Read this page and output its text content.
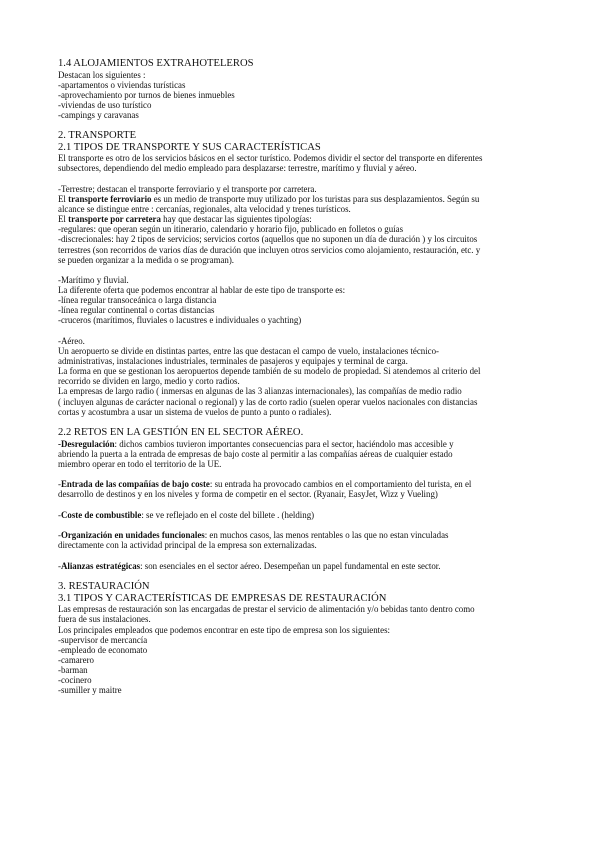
1.4 ALOJAMIENTOS EXTRAHOTELEROS
Destacan los siguientes :
-apartamentos o viviendas turísticas
-aprovechamiento por turnos de bienes inmuebles
-viviendas de uso turístico
-campings y caravanas
2. TRANSPORTE
2.1 TIPOS DE TRANSPORTE Y SUS CARACTERÍSTICAS
El transporte es otro de los servicios básicos en el sector turístico. Podemos dividir el sector del transporte en diferentes
subsectores, dependiendo del medio empleado para desplazarse: terrestre, marítimo y fluvial y aéreo.
-Terrestre; destacan el transporte ferroviario y el transporte por carretera.
El transporte ferroviario es un medio de transporte muy utilizado por los turistas para sus desplazamientos. Según su
alcance se distingue entre : cercanías, regionales, alta velocidad y trenes turísticos.
El transporte por carretera hay que destacar las siguientes tipologías:
-regulares: que operan según un itinerario, calendario y horario fijo, publicado en folletos o guías
-discrecionales: hay 2 tipos de servicios; servicios cortos (aquellos que no suponen un día de duración ) y los circuitos
terrestres (son recorridos de varios días de duración que incluyen otros servicios como alojamiento, restauración, etc. y
se pueden organizar a la medida o se programan).
-Marítimo y fluvial.
La diferente oferta que podemos encontrar al hablar de este tipo de transporte es:
-línea regular transoceánica o larga distancia
-línea regular continental o cortas distancias
-cruceros (marítimos, fluviales o lacustres e individuales o yachting)
-Aéreo.
Un aeropuerto se divide en distintas partes, entre las que destacan el campo de vuelo, instalaciones técnico-
administrativas, instalaciones industriales, terminales de pasajeros y equipajes y terminal de carga.
La forma en que se gestionan los aeropuertos depende también de su modelo de propiedad. Si atendemos al criterio del
recorrido se dividen en largo, medio y corto radios.
La empresas de largo radio ( inmersas en algunas de las 3 alianzas internacionales), las compañías de medio radio
( incluyen algunas de carácter nacional o regional) y las de corto radio (suelen operar vuelos nacionales con distancias
cortas y acostumbra a usar un sistema de vuelos de punto a punto o radiales).
2.2 RETOS EN LA GESTIÓN EN EL SECTOR AÉREO.
-Desregulación: dichos cambios tuvieron importantes consecuencias para el sector, haciéndolo mas accesible y
abriendo la puerta a la entrada de empresas de bajo coste al permitir a las compañías aéreas de cualquier estado
miembro operar en todo el territorio de la UE.
-Entrada de las compañías de bajo coste: su entrada ha provocado cambios en el comportamiento del turista, en el
desarrollo de destinos y en los niveles y forma de competir en el sector. (Ryanair, EasyJet, Wizz y Vueling)
-Coste de combustible: se ve reflejado en el coste del billete . (helding)
-Organización en unidades funcionales: en muchos casos, las menos rentables o las que no estan vinculadas
directamente con la actividad principal de la empresa son externalizadas.
-Alianzas estratégicas: son esenciales en el sector aéreo. Desempeñan un papel fundamental en este sector.
3. RESTAURACIÓN
3.1 TIPOS Y CARACTERÍSTICAS DE EMPRESAS DE RESTAURACIÓN
Las empresas de restauración son las encargadas de prestar el servicio de alimentación y/o bebidas tanto dentro como
fuera de sus instalaciones.
Los principales empleados que podemos encontrar en este tipo de empresa son los siguientes:
-supervisor de mercancía
-empleado de economato
-camarero
-barman
-cocinero
-sumiller y maitre
